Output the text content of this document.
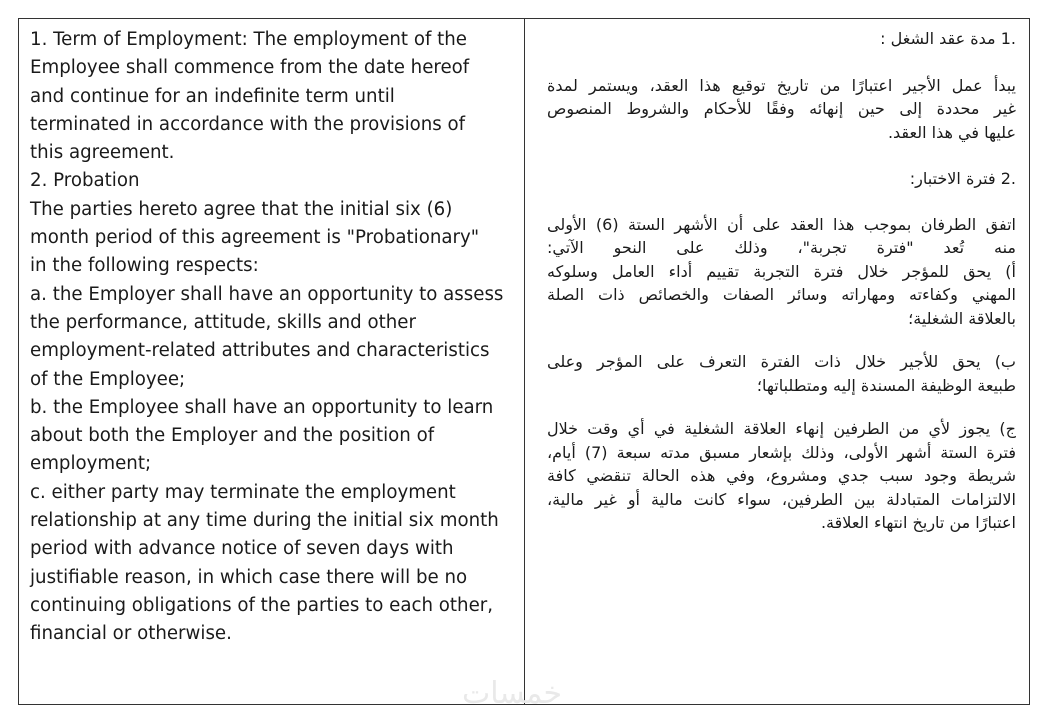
1. Term of Employment: The employment of the
Employee shall commence from the date hereof
and continue for an indefinite term until
terminated in accordance with the provisions of
this agreement.
2. Probation
The parties hereto agree that the initial six (6)
month period of this agreement is "Probationary"
in the following respects:
a. the Employer shall have an opportunity to assess
the performance, attitude, skills and other
employment-related attributes and characteristics
of the Employee;
b. the Employee shall have an opportunity to learn
about both the Employer and the position of
employment;
c. either party may terminate the employment
relationship at any time during the initial six month
period with advance notice of seven days with
justifiable reason, in which case there will be no
continuing obligations of the parties to each other,
financial or otherwise.
.1 مدة عقد الشغل :
يبدأ عمل الأجير اعتبارًا من تاريخ توقيع هذا العقد، ويستمر لمدة
غير محددة إلى حين إنهائه وفقًا للأحكام والشروط المنصوص
عليها في هذا العقد.
.2 فترة الاختبار:
اتفق الطرفان بموجب هذا العقد على أن الأشهر الستة (6) الأولى
منه تُعد "فترة تجربة"، وذلك على النحو الآتي:
أ) يحق للمؤجر خلال فترة التجربة تقييم أداء العامل وسلوكه
المهني وكفاءته ومهاراته وسائر الصفات والخصائص ذات الصلة
بالعلاقة الشغلية؛
ب) يحق للأجير خلال ذات الفترة التعرف على المؤجر وعلى
طبيعة الوظيفة المسندة إليه ومتطلباتها؛
ج) يجوز لأي من الطرفين إنهاء العلاقة الشغلية في أي وقت خلال
فترة الستة أشهر الأولى، وذلك بإشعار مسبق مدته سبعة (7) أيام،
شريطة وجود سبب جدي ومشروع، وفي هذه الحالة تنقضي كافة
الالتزامات المتبادلة بين الطرفين، سواء كانت مالية أو غير مالية،
اعتبارًا من تاريخ انتهاء العلاقة.
خمسات
